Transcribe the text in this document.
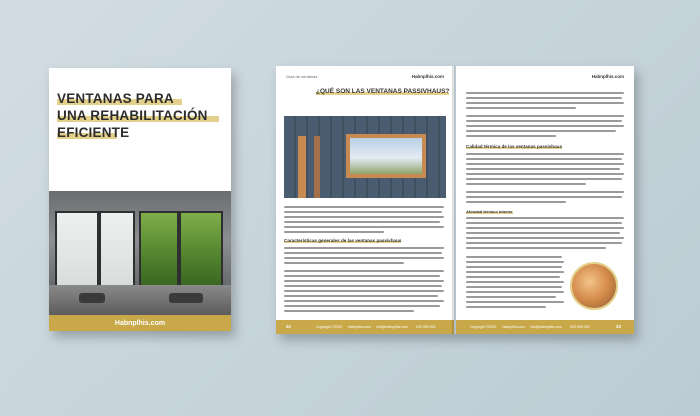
VENTANAS PARA
UNA REHABILITACIÓN
EFICIENTE
Habnplhis.com
Guia de ventanas	Habnplhis.com
¿QUÉ SON LAS VENTANAS PASSIVHAUS?
Características generales de las ventanas passivhaus
22	Copyright ©2022 Habnplhis.com info@habnplhis.com 000 000 000
Habnplhis.com
Calidad térmica de las ventanas passivhaus
Afondad térmico interior
Copyright ©2022 Habnplhis.com info@habnplhis.com 000 000 000	23
